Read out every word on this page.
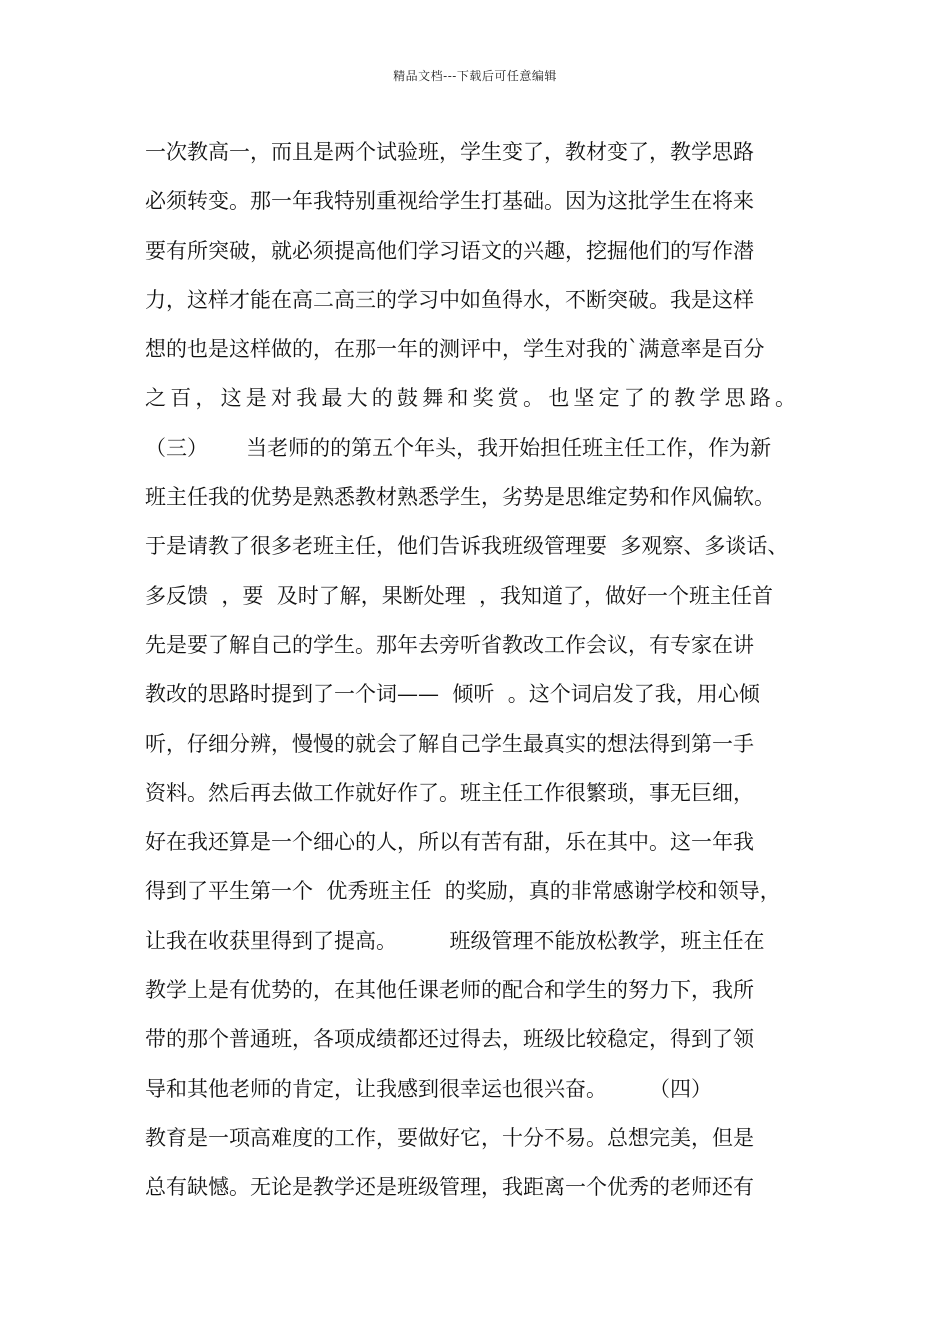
精品文档---下载后可任意编辑
一次教高一，而且是两个试验班，学生变了，教材变了，教学思路
必须转变。那一年我特别重视给学生打基础。因为这批学生在将来
要有所突破，就必须提高他们学习语文的兴趣，挖掘他们的写作潜
力，这样才能在高二高三的学习中如鱼得水，不断突破。我是这样
想的也是这样做的，在那一年的测评中，学生对我的`满意率是百分
之百，这是对我最大的鼓舞和奖赏。也坚定了的教学思路。
（三）　　 当老师的的第五个年头，我开始担任班主任工作，作为新
班主任我的优势是熟悉教材熟悉学生，劣势是思维定势和作风偏软。
于是请教了很多老班主任，他们告诉我班级管理要  多观察、多谈话、
多反馈  ，要  及时了解，果断处理  ，我知道了，做好一个班主任首
先是要了解自己的学生。那年去旁听省教改工作会议，有专家在讲
教改的思路时提到了一个词——  倾听  。这个词启发了我，用心倾
听，仔细分辨，慢慢的就会了解自己学生最真实的想法得到第一手
资料。然后再去做工作就好作了。班主任工作很繁琐，事无巨细，
好在我还算是一个细心的人，所以有苦有甜，乐在其中。这一年我
得到了平生第一个  优秀班主任  的奖励，真的非常感谢学校和领导，
让我在收获里得到了提高。　　　班级管理不能放松教学，班主任在
教学上是有优势的，在其他任课老师的配合和学生的努力下，我所
带的那个普通班，各项成绩都还过得去，班级比较稳定，得到了领
导和其他老师的肯定，让我感到很幸运也很兴奋。　　　（四）
教育是一项高难度的工作，要做好它，十分不易。总想完美，但是
总有缺憾。无论是教学还是班级管理，我距离一个优秀的老师还有
